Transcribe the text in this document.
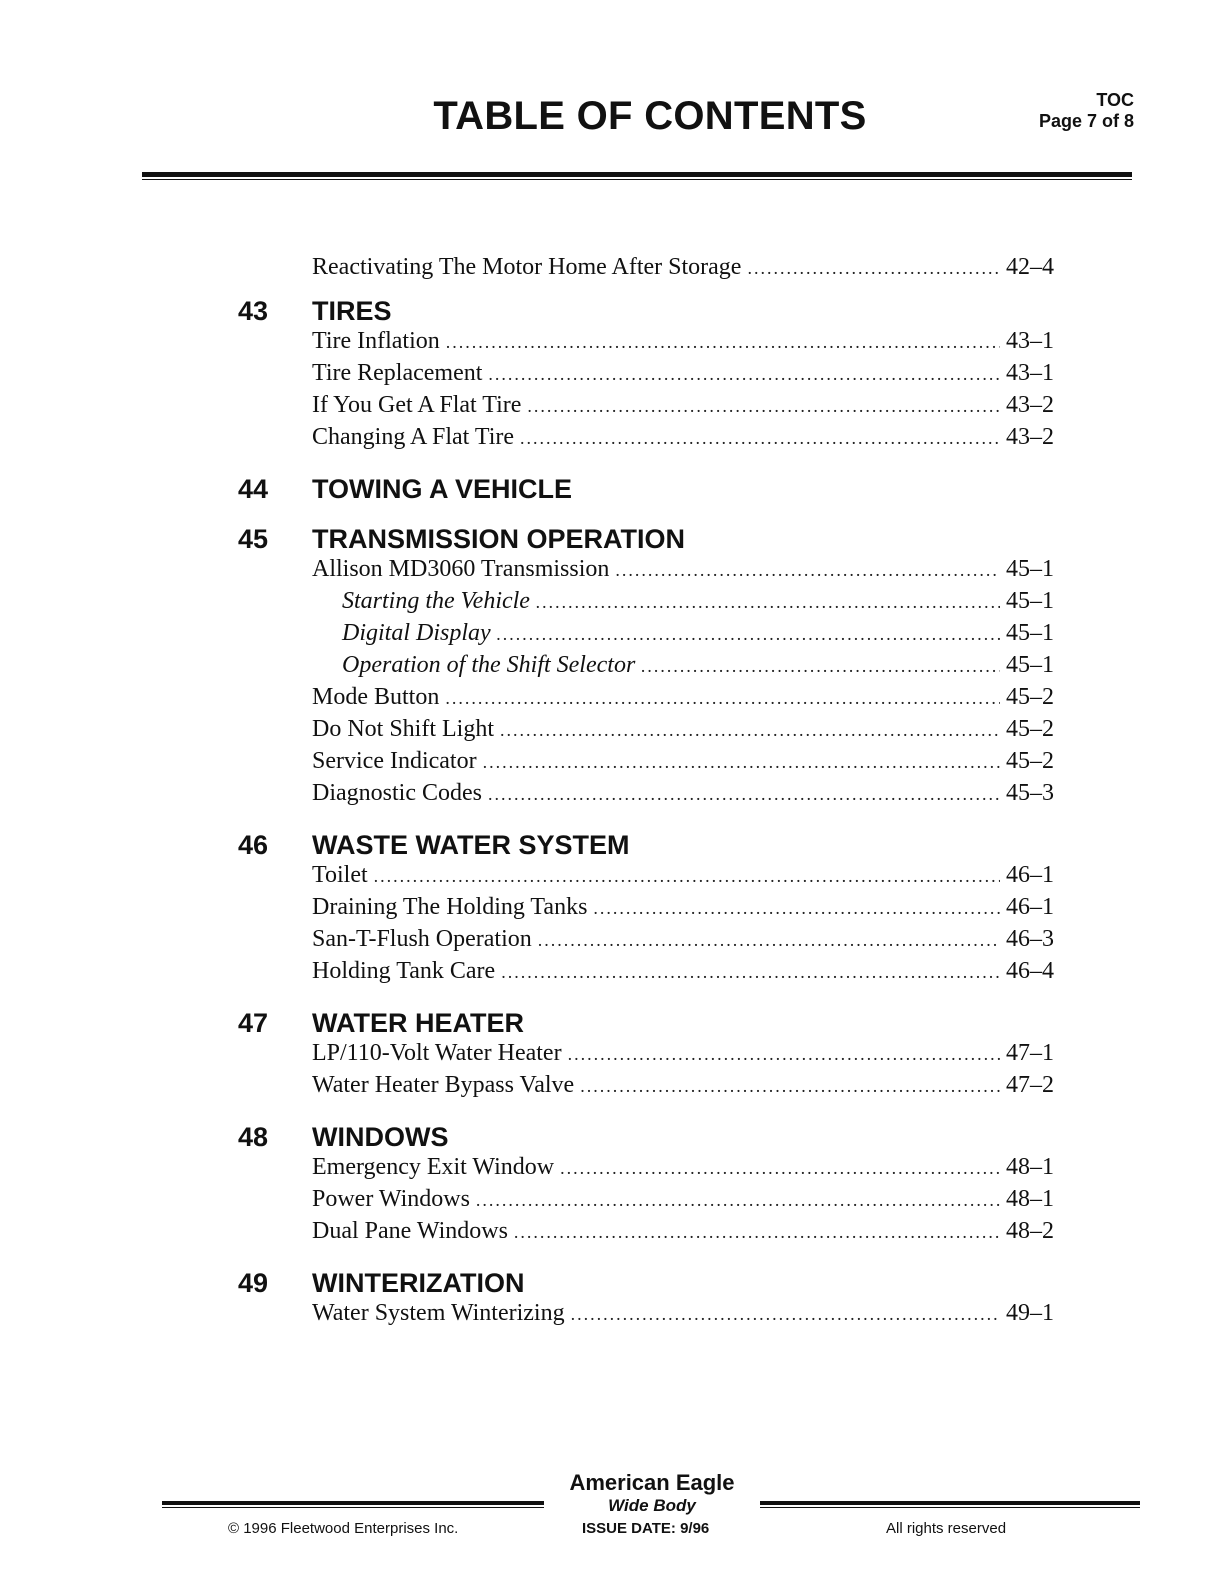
TABLE OF CONTENTS	TOC
Page 7 of 8
Reactivating The Motor Home After Storage .....	42–4
43	TIRES
Tire Inflation .....	43–1
Tire Replacement .....	43–1
If You Get A Flat Tire .....	43–2
Changing A Flat Tire .....	43–2
44	TOWING A VEHICLE
45	TRANSMISSION OPERATION
Allison MD3060 Transmission .....	45–1
Starting the Vehicle .....	45–1
Digital Display .....	45–1
Operation of the Shift Selector .....	45–1
Mode Button .....	45–2
Do Not Shift Light .....	45–2
Service Indicator .....	45–2
Diagnostic Codes .....	45–3
46	WASTE WATER SYSTEM
Toilet .....	46–1
Draining The Holding Tanks .....	46–1
San-T-Flush Operation .....	46–3
Holding Tank Care .....	46–4
47	WATER HEATER
LP/110-Volt Water Heater .....	47–1
Water Heater Bypass Valve .....	47–2
48	WINDOWS
Emergency Exit Window .....	48–1
Power Windows .....	48–1
Dual Pane Windows .....	48–2
49	WINTERIZATION
Water System Winterizing .....	49–1
American Eagle
Wide Body
© 1996 Fleetwood Enterprises Inc.	ISSUE DATE: 9/96	All rights reserved
